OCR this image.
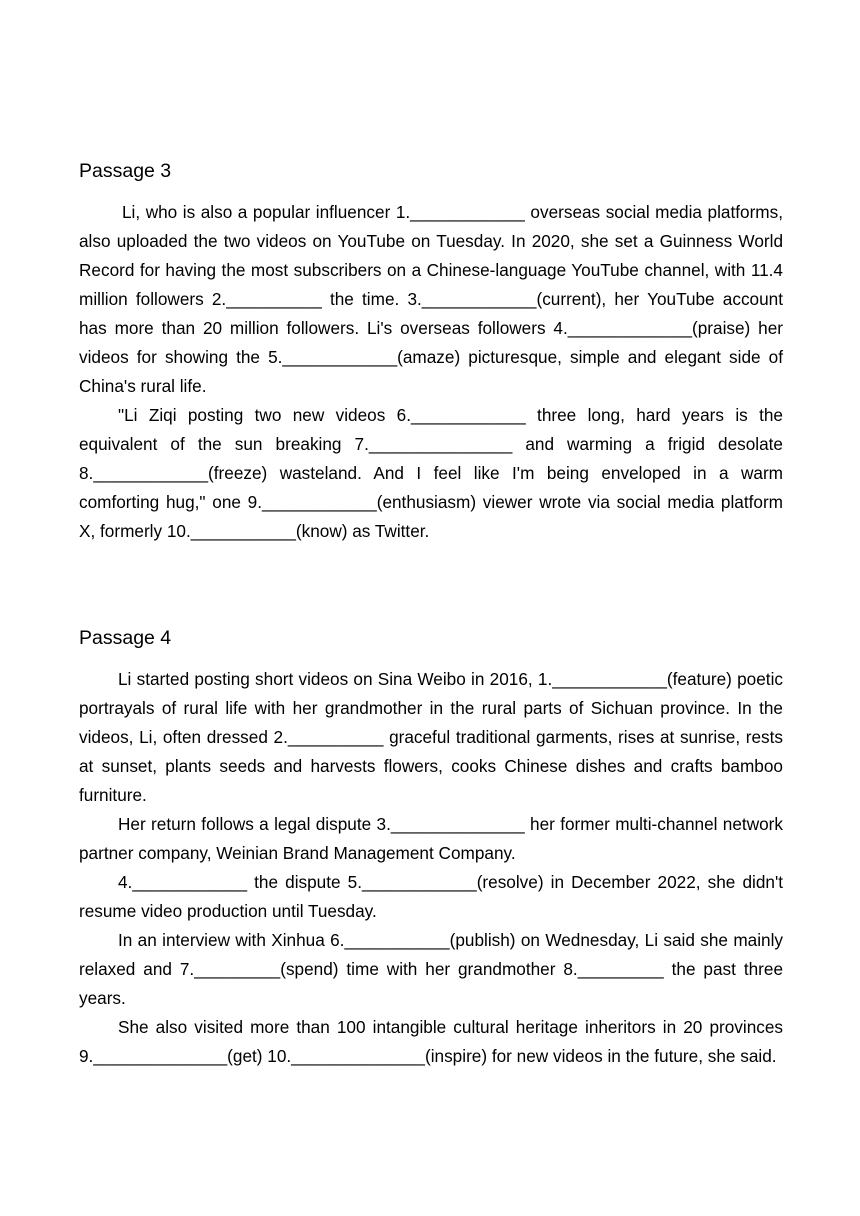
Passage 3

Li, who is also a popular influencer 1.____________ overseas social media platforms, also uploaded the two videos on YouTube on Tuesday. In 2020, she set a Guinness World Record for having the most subscribers on a Chinese-language YouTube channel, with 11.4 million followers 2.__________ the time. 3.____________(current), her YouTube account has more than 20 million followers. Li's overseas followers 4._____________(praise) her videos for showing the 5.____________(amaze) picturesque, simple and elegant side of China's rural life.

"Li Ziqi posting two new videos 6.____________ three long, hard years is the equivalent of the sun breaking 7._______________ and warming a frigid desolate 8.____________(freeze) wasteland. And I feel like I'm being enveloped in a warm comforting hug," one 9.____________(enthusiasm) viewer wrote via social media platform X, formerly 10.___________(know) as Twitter.

Passage 4

Li started posting short videos on Sina Weibo in 2016, 1.____________(feature) poetic portrayals of rural life with her grandmother in the rural parts of Sichuan province. In the videos, Li, often dressed 2.__________ graceful traditional garments, rises at sunrise, rests at sunset, plants seeds and harvests flowers, cooks Chinese dishes and crafts bamboo furniture.

Her return follows a legal dispute 3.______________ her former multi-channel network partner company, Weinian Brand Management Company.

4.____________ the dispute 5.____________(resolve) in December 2022, she didn't resume video production until Tuesday.

In an interview with Xinhua 6.___________(publish) on Wednesday, Li said she mainly relaxed and 7._________(spend) time with her grandmother 8._________ the past three years.

She also visited more than 100 intangible cultural heritage inheritors in 20 provinces 9.______________(get) 10.______________(inspire) for new videos in the future, she said.
